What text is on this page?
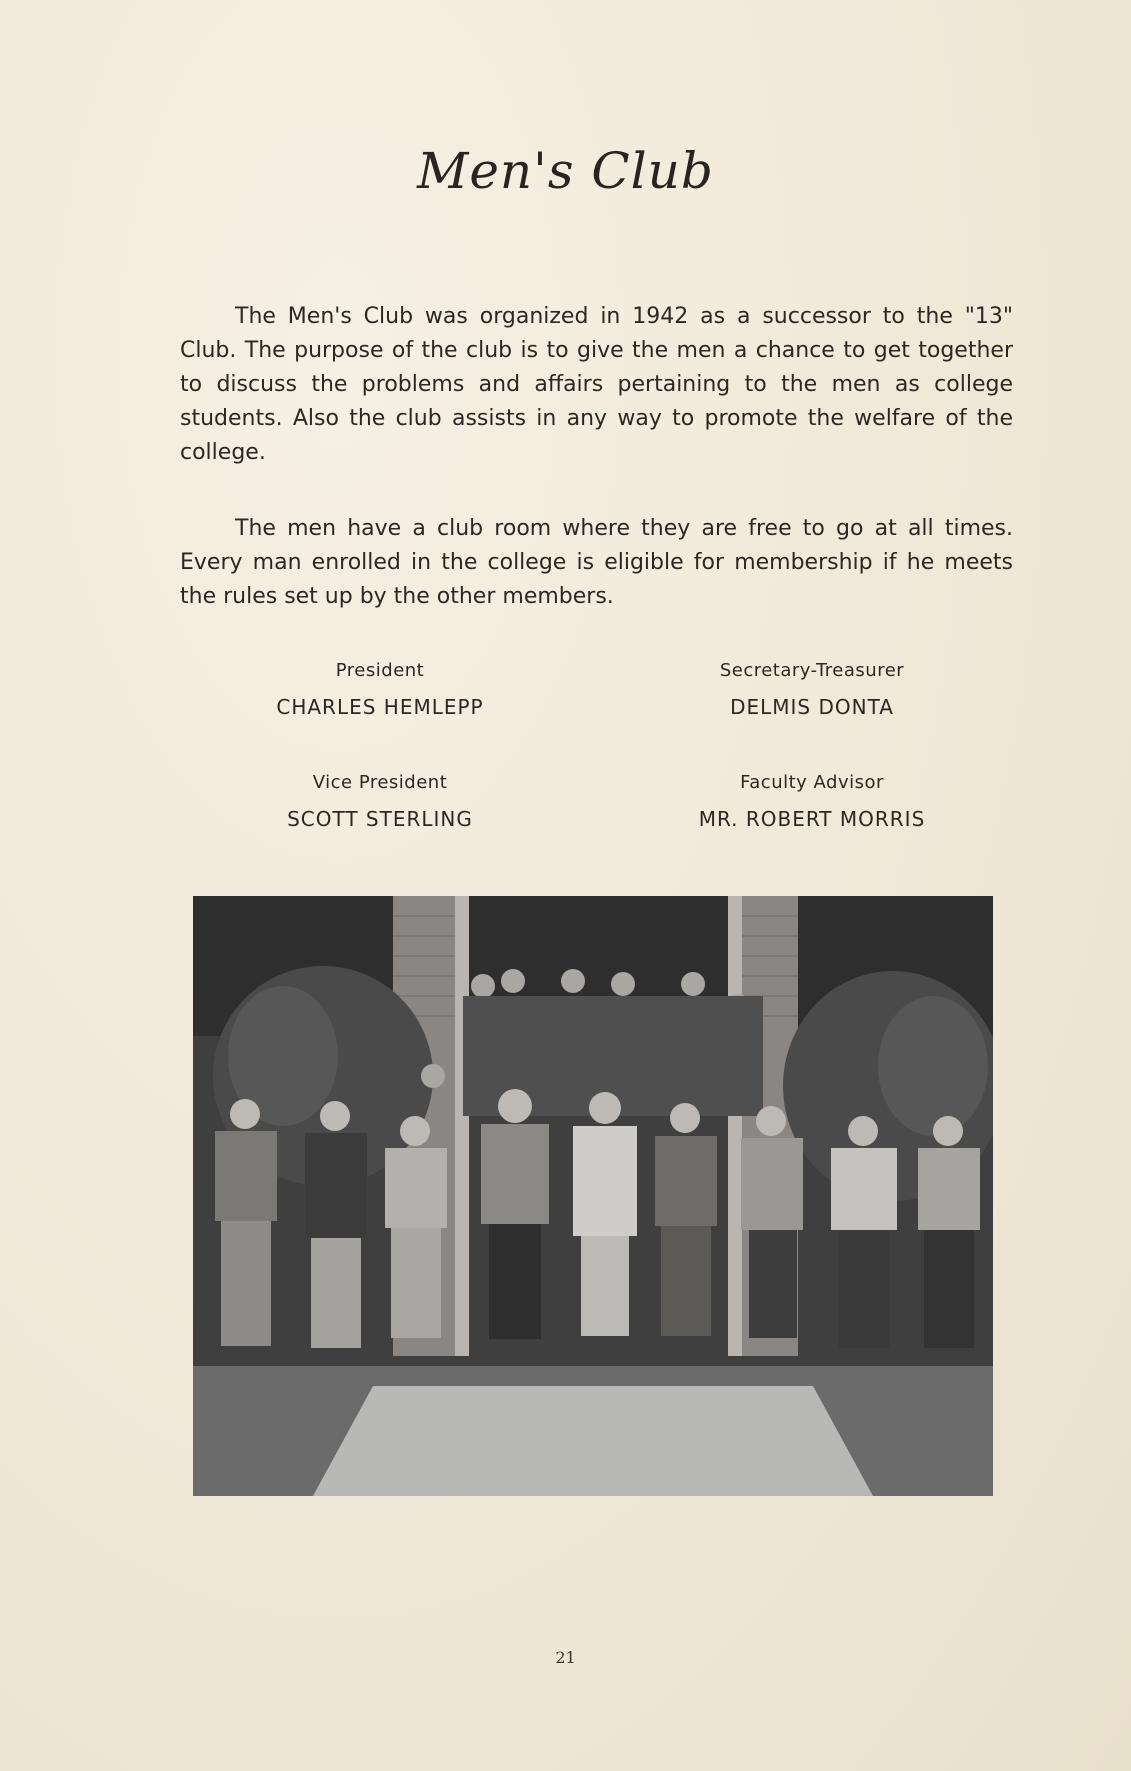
Men's Club

The Men's Club was organized in 1942 as a successor to the "13" Club. The purpose of the club is to give the men a chance to get together to discuss the problems and affairs pertaining to the men as college students. Also the club assists in any way to promote the welfare of the college.

The men have a club room where they are free to go at all times. Every man enrolled in the college is eligible for membership if he meets the rules set up by the other members.

President
CHARLES HEMLEPP
Secretary-Treasurer
DELMIS DONTA
Vice President
SCOTT STERLING
Faculty Advisor
MR. ROBERT MORRIS
21
